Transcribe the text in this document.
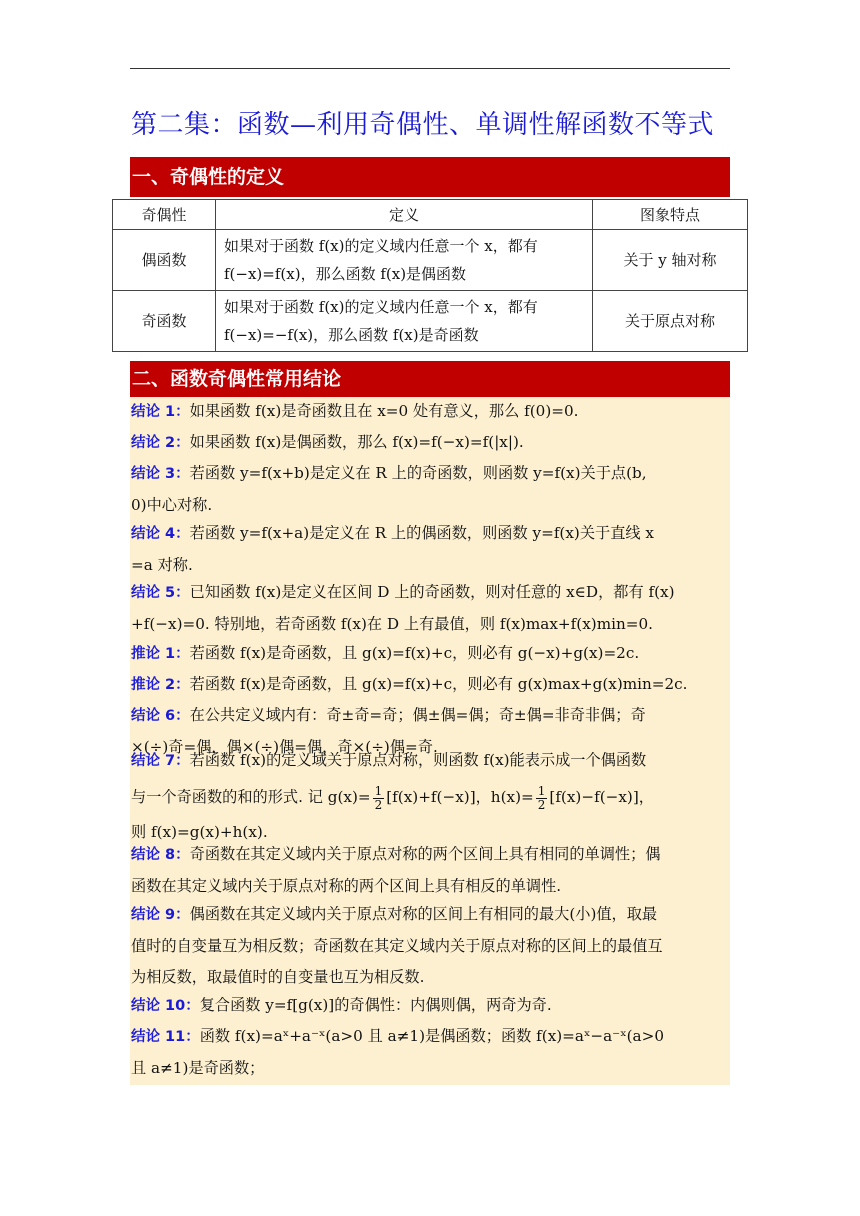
第二集：函数—利用奇偶性、单调性解函数不等式
一、奇偶性的定义
奇偶性	定义	图象特点
偶函数	如果对于函数 f(x)的定义域内任意一个 x，都有
f(−x)=f(x)，那么函数 f(x)是偶函数	关于 y 轴对称
奇函数	如果对于函数 f(x)的定义域内任意一个 x，都有
f(−x)=−f(x)，那么函数 f(x)是奇函数	关于原点对称
二、函数奇偶性常用结论
结论 1：如果函数 f(x)是奇函数且在 x=0 处有意义，那么 f(0)=0.
结论 2：如果函数 f(x)是偶函数，那么 f(x)=f(−x)=f(|x|).
结论 3：若函数 y=f(x+b)是定义在 R 上的奇函数，则函数 y=f(x)关于点(b,
0)中心对称.
结论 4：若函数 y=f(x+a)是定义在 R 上的偶函数，则函数 y=f(x)关于直线 x
=a 对称.
结论 5：已知函数 f(x)是定义在区间 D 上的奇函数，则对任意的 x∈D，都有 f(x)
+f(−x)=0. 特别地，若奇函数 f(x)在 D 上有最值，则 f(x)max+f(x)min=0.
推论 1：若函数 f(x)是奇函数，且 g(x)=f(x)+c，则必有 g(−x)+g(x)=2c.
推论 2：若函数 f(x)是奇函数，且 g(x)=f(x)+c，则必有 g(x)max+g(x)min=2c.
结论 6：在公共定义域内有：奇±奇=奇；偶±偶=偶；奇±偶=非奇非偶；奇
×(÷)奇=偶，偶×(÷)偶=偶，奇×(÷)偶=奇.
结论 7：若函数 f(x)的定义域关于原点对称，则函数 f(x)能表示成一个偶函数
与一个奇函数的和的形式. 记 $g(x)= \frac{1}{2} [f(x)+f(-x)]$，$h(x)= \frac{1}{2} [f(x)-f(-x)]$，
则 f(x)=g(x)+h(x).
结论 8：奇函数在其定义域内关于原点对称的两个区间上具有相同的单调性；偶
函数在其定义域内关于原点对称的两个区间上具有相反的单调性.
结论 9：偶函数在其定义域内关于原点对称的区间上有相同的最大(小)值，取最
值时的自变量互为相反数；奇函数在其定义域内关于原点对称的区间上的最值互
为相反数，取最值时的自变量也互为相反数.
结论 10：复合函数 y=f[g(x)]的奇偶性：内偶则偶，两奇为奇.
结论 11：函数 f(x)=aˣ+a⁻ˣ(a>0 且 a≠1)是偶函数；函数 f(x)=aˣ−a⁻ˣ(a>0
且 a≠1)是奇函数；
